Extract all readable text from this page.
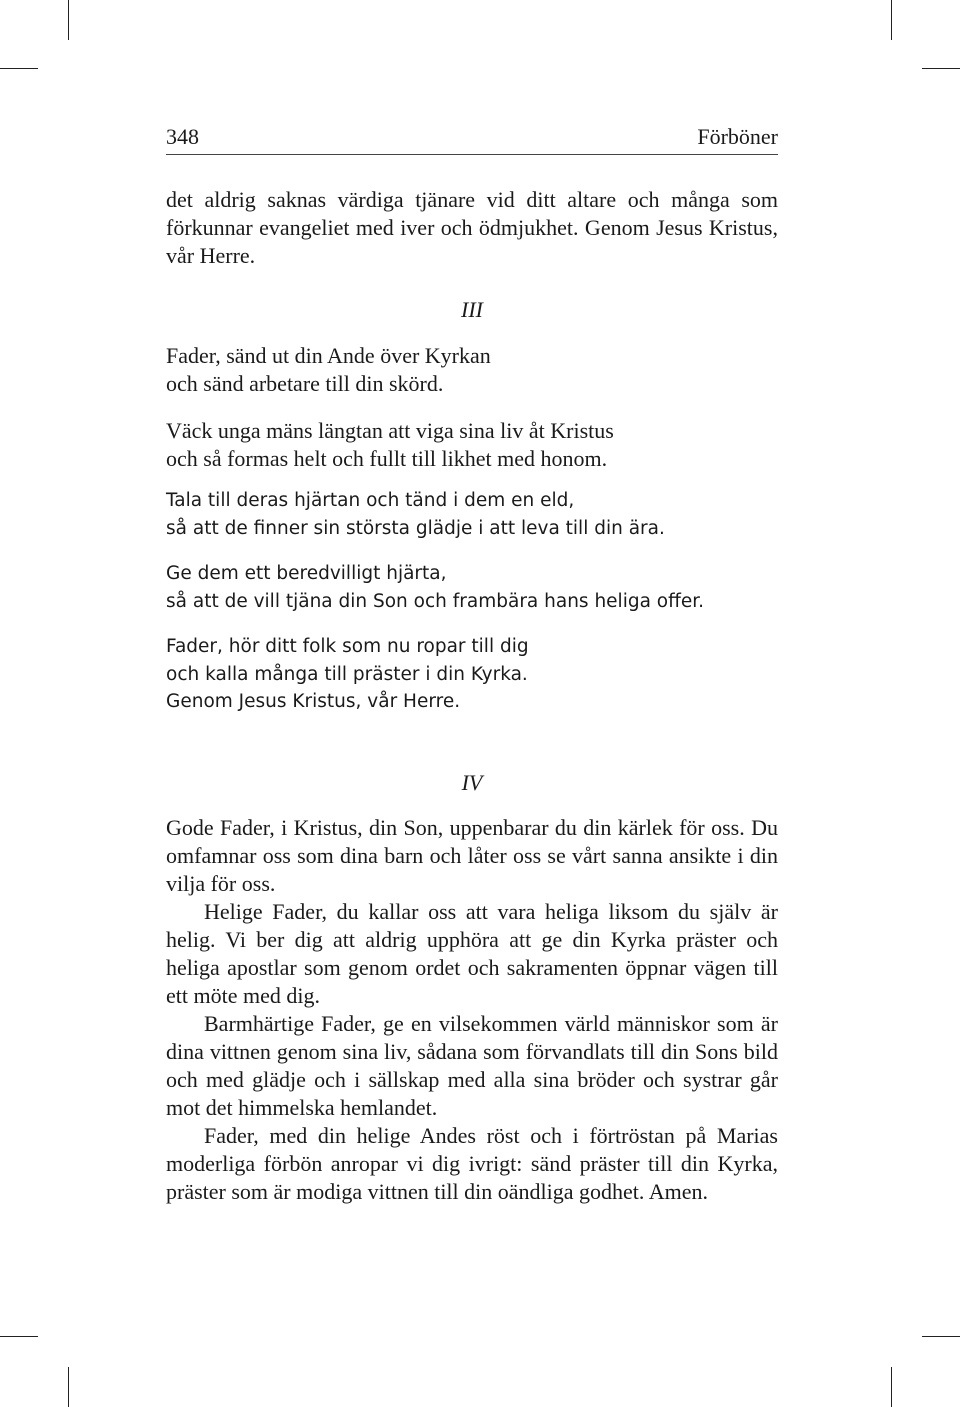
348	Förböner

det aldrig saknas värdiga tjänare vid ditt altare och många som förkunnar evangeliet med iver och ödmjukhet. Genom Jesus Kristus, vår Herre.

III

Fader, sänd ut din Ande över Kyrkan

och sänd arbetare till din skörd.

Väck unga mäns längtan att viga sina liv åt Kristus

och så formas helt och fullt till likhet med honom.

Tala till deras hjärtan och tänd i dem en eld,

så att de finner sin största glädje i att leva till din ära.

Ge dem ett beredvilligt hjärta,

så att de vill tjäna din Son och frambära hans heliga offer.

Fader, hör ditt folk som nu ropar till dig

och kalla många till präster i din Kyrka.

Genom Jesus Kristus, vår Herre.

IV

Gode Fader, i Kristus, din Son, uppenbarar du din kärlek för oss. Du omfamnar oss som dina barn och låter oss se vårt sanna ansikte i din vilja för oss.

Helige Fader, du kallar oss att vara heliga liksom du själv är helig. Vi ber dig att aldrig upphöra att ge din Kyrka präster och heliga apostlar som genom ordet och sakramenten öppnar vägen till ett möte med dig.

Barmhärtige Fader, ge en vilsekommen värld människor som är dina vittnen genom sina liv, sådana som förvandlats till din Sons bild och med glädje och i sällskap med alla sina bröder och systrar går mot det himmelska hemlandet.

Fader, med din helige Andes röst och i förtröstan på Marias moderliga förbön anropar vi dig ivrigt: sänd präster till din Kyrka, präster som är modiga vittnen till din oändliga godhet. Amen.
